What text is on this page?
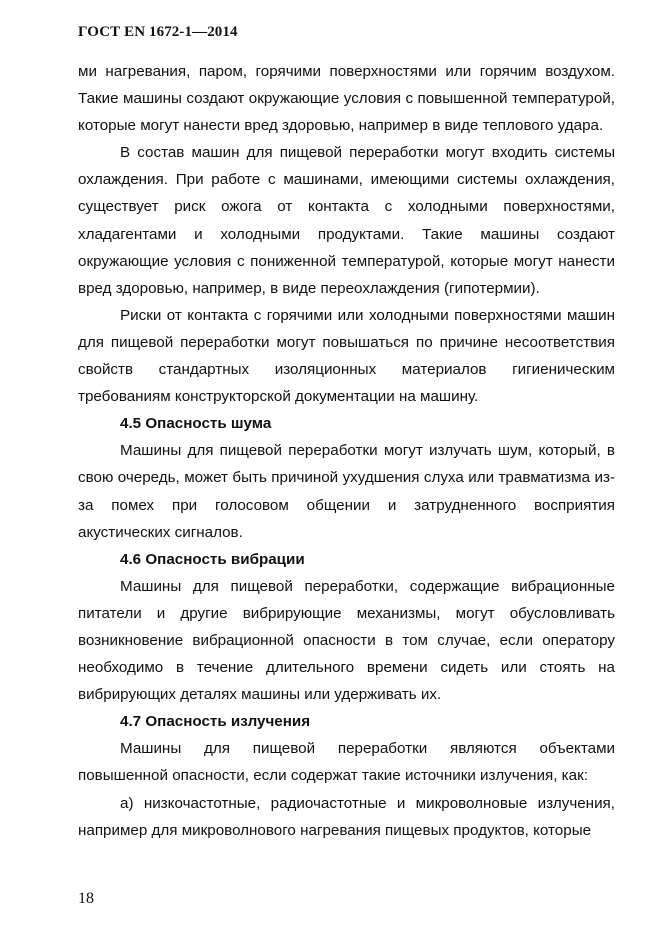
ГОСТ EN 1672-1—2014

ми нагревания, паром, горячими поверхностями или горячим воздухом. Такие машины создают окружающие условия с повышенной температурой, которые могут нанести вред здоровью, например в виде теплового удара.

В состав машин для пищевой переработки могут входить системы охлаждения. При работе с машинами, имеющими системы охлаждения, существует риск ожога от контакта с холодными поверхностями, хладагентами и холодными продуктами. Такие машины создают окружающие условия с пониженной температурой, которые могут нанести вред здоровью, например, в виде переохлаждения (гипотермии).

Риски от контакта с горячими или холодными поверхностями машин для пищевой переработки могут повышаться по причине несоответствия свойств стандартных изоляционных материалов гигиеническим требованиям конструкторской документации на машину.

4.5 Опасность шума

Машины для пищевой переработки могут излучать шум, который, в свою очередь, может быть причиной ухудшения слуха или травматизма из-за помех при голосовом общении и затрудненного восприятия акустических сигналов.

4.6 Опасность вибрации

Машины для пищевой переработки, содержащие вибрационные питатели и другие вибрирующие механизмы, могут обусловливать возникновение вибрационной опасности в том случае, если оператору необходимо в течение длительного времени сидеть или стоять на вибрирующих деталях машины или удерживать их.

4.7 Опасность излучения

Машины для пищевой переработки являются объектами повышенной опасности, если содержат такие источники излучения, как:

а) низкочастотные, радиочастотные и микроволновые излучения, например для микроволнового нагревания пищевых продуктов, которые

18
